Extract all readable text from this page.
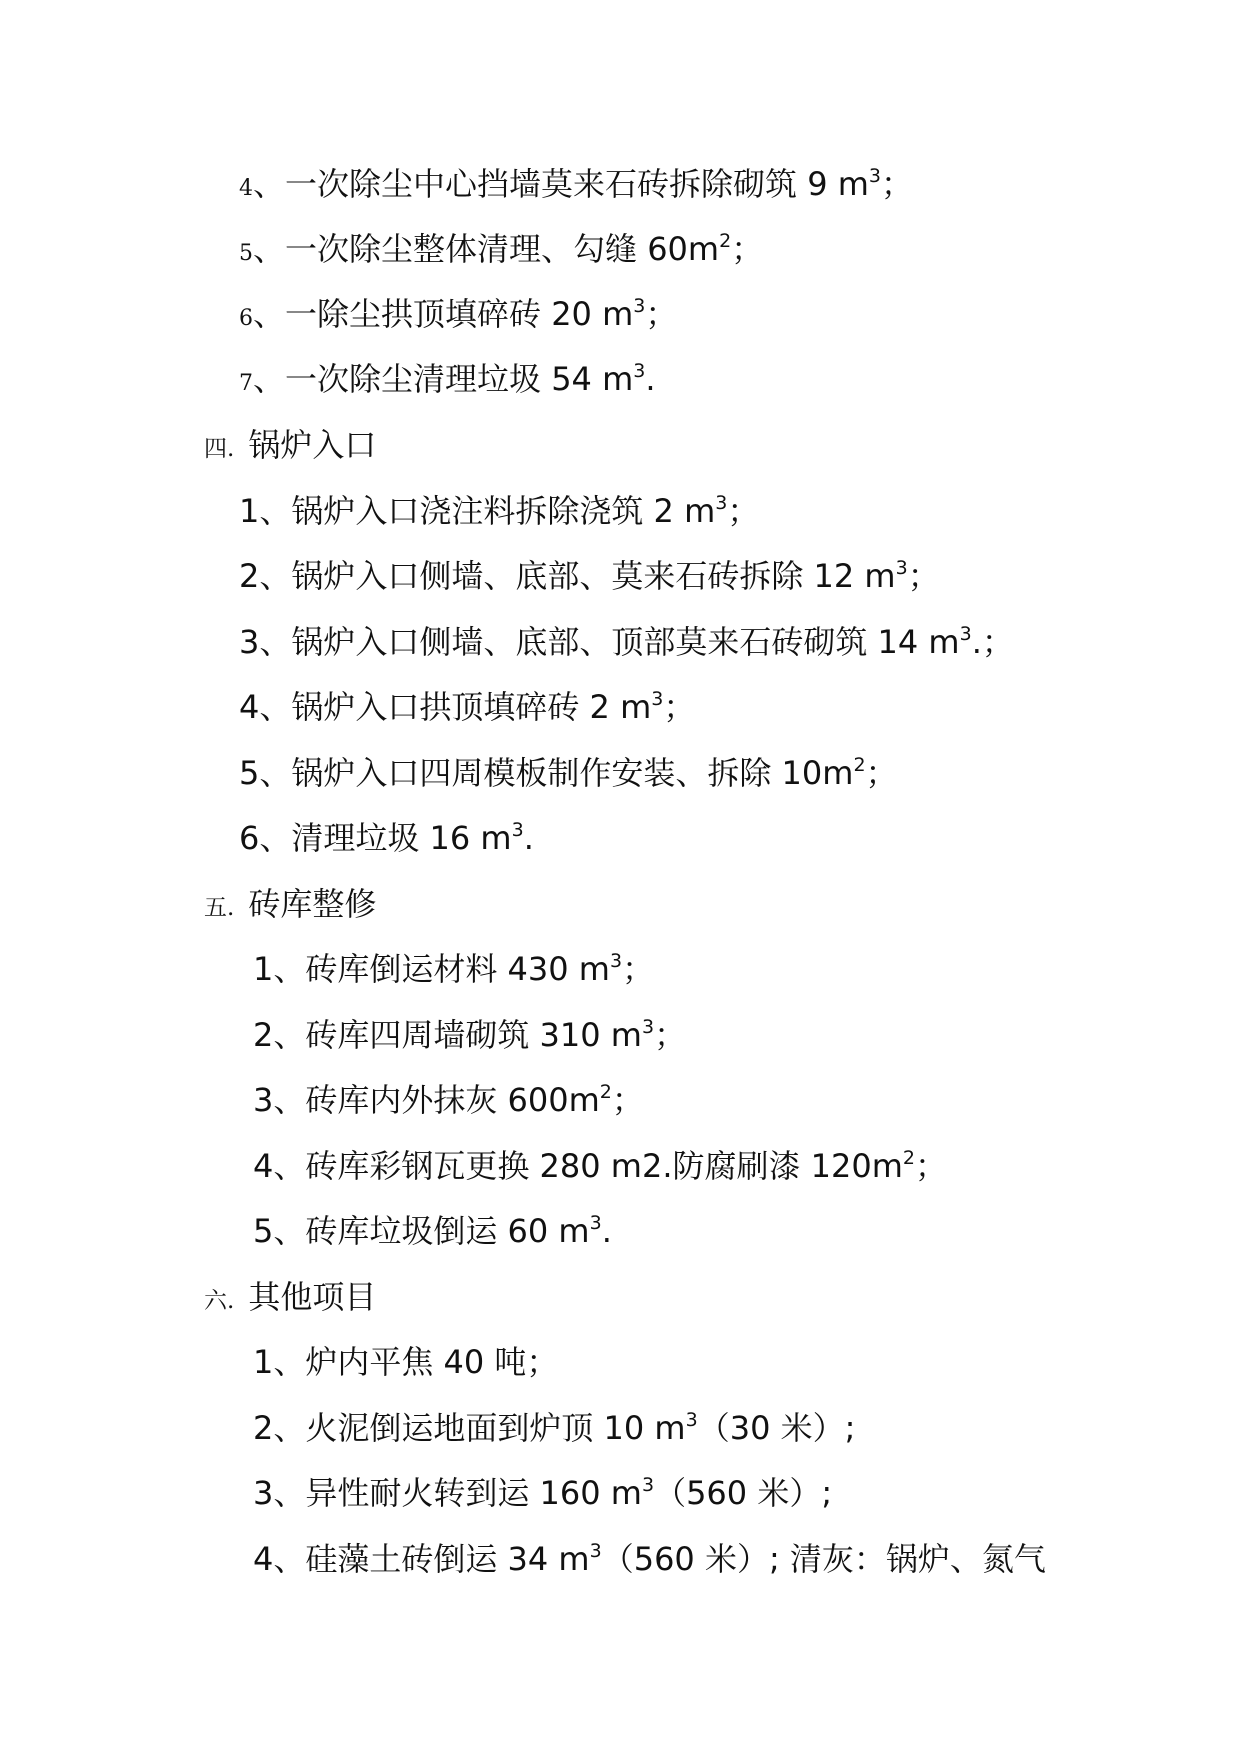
4、一次除尘中心挡墙莫来石砖拆除砌筑 9 $m^3$；
5、一次除尘整体清理、勾缝 $60m^2$；
6、一除尘拱顶填碎砖 20 $m^3$；
7、一次除尘清理垃圾 54 $m^3$.
四. 锅炉入口
1、锅炉入口浇注料拆除浇筑 2 $m^3$；
2、锅炉入口侧墙、底部、莫来石砖拆除 12 $m^3$；
3、锅炉入口侧墙、底部、顶部莫来石砖砌筑 14 $m^3$.；
4、锅炉入口拱顶填碎砖 2 $m^3$；
5、锅炉入口四周模板制作安装、拆除 $10m^2$；
6、清理垃圾 16 $m^3$.
五. 砖库整修
1、砖库倒运材料 430 $m^3$；
2、砖库四周墙砌筑 310 $m^3$；
3、砖库内外抹灰 $600m^2$；
4、砖库彩钢瓦更换 280 m2.防腐刷漆 $120m^2$；
5、砖库垃圾倒运 60 $m^3$.
六. 其他项目
1、炉内平焦 40 吨；
2、火泥倒运地面到炉顶 10 $m^3(30$ 米）;
3、异性耐火转到运 160 $m^3(560$ 米）;
4、硅藻土砖倒运 34 $m^3(560$ 米）; 清灰：锅炉、氮气
